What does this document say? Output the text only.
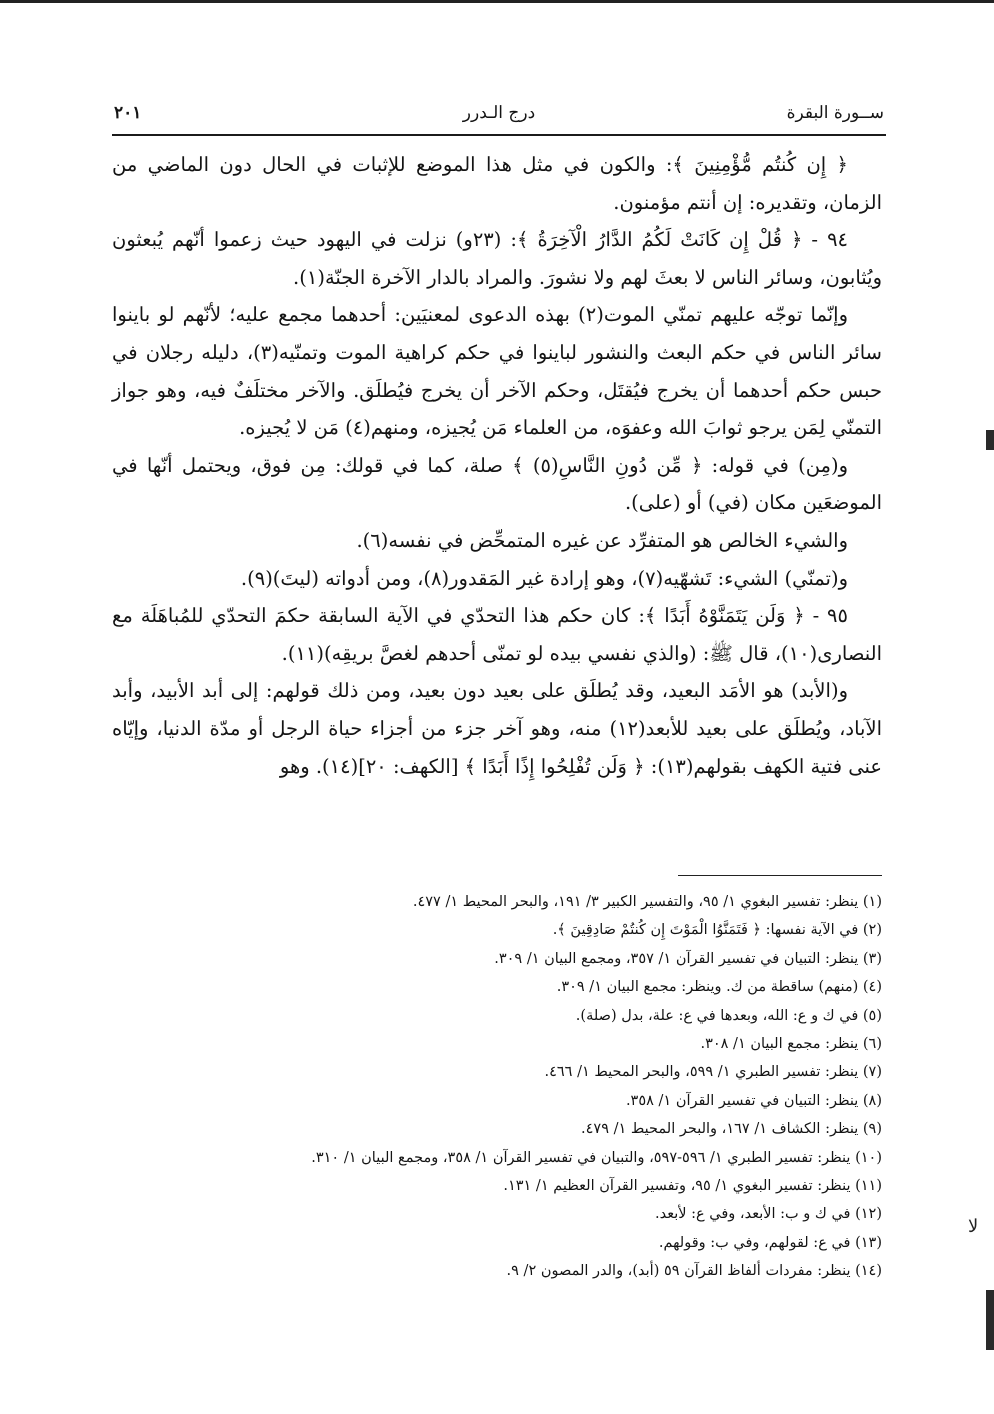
ســورة البقرة
درج الـدرر
٢٠١

﴿ إِن كُنتُم مُّؤْمِنِينَ ﴾: والكون في مثل هذا الموضع للإثبات في الحال دون الماضي من الزمان، وتقديره: إن أنتم مؤمنون.

٩٤ - ﴿ قُلْ إِن كَانَتْ لَكُمُ الدَّارُ الْآخِرَةُ ﴾: (٢٣و) نزلت في اليهود حيث زعموا أنّهم يُبعثون ويُثابون، وسائر الناس لا بعثَ لهم ولا نشورَ. والمراد بالدار الآخرة الجنّة(١).

وإنّما توجّه عليهم تمنّي الموت(٢) بهذه الدعوى لمعنيَين: أحدهما مجمع عليه؛ لأنّهم لو باينوا سائر الناس في حكم البعث والنشور لباينوا في حكم كراهية الموت وتمنّيه(٣)، دليله رجلان في حبس حكم أحدهما أن يخرج فيُقتَل، وحكم الآخر أن يخرج فيُطلَق. والآخر مختلَفٌ فيه، وهو جواز التمنّي لِمَن يرجو ثوابَ الله وعفوَه، من العلماء مَن يُجيزه، ومنهم(٤) مَن لا يُجيزه.

و(مِن) في قوله: ﴿ مِّن دُونِ النَّاسِ(٥) ﴾ صلة، كما في قولك: مِن فوق، ويحتمل أنّها في الموضعَين مكان (في) أو (على).

والشيء الخالص هو المتفرِّد عن غيره المتمحِّض في نفسه(٦).

و(تمنّي) الشيء: تَشهّيه(٧)، وهو إرادة غير المَقدور(٨)، ومن أدواته (ليتَ)(٩).

٩٥ - ﴿ وَلَن يَتَمَنَّوْهُ أَبَدًا ﴾: كان حكم هذا التحدّي في الآية السابقة حكمَ التحدّي للمُباهَلَة مع النصارى(١٠)، قال ﷺ: (والذي نفسي بيده لو تمنّى أحدهم لغصَّ بريقِه)(١١).

و(الأبد) هو الأمَد البعيد، وقد يُطلَق على بعيد دون بعيد، ومن ذلك قولهم: إلى أبد الأبيد، وأبد الآباد، ويُطلَق على بعيد للأبعد(١٢) منه، وهو آخر جزء من أجزاء حياة الرجل أو مدّة الدنيا، وإيّاه عنى فتية الكهف بقولهم(١٣): ﴿ وَلَن تُفْلِحُوا إِذًا أَبَدًا ﴾ [الكهف: ٢٠](١٤). وهو

(١) ينظر: تفسير البغوي ١/ ٩٥، والتفسير الكبير ٣/ ١٩١، والبحر المحيط ١/ ٤٧٧.
(٢) في الآية نفسها: ﴿ فَتَمَنَّوُا الْمَوْتَ إِن كُنتُمْ صَادِقِينَ ﴾.
(٣) ينظر: التبيان في تفسير القرآن ١/ ٣٥٧، ومجمع البيان ١/ ٣٠٩.
(٤) (منهم) ساقطة من ك. وينظر: مجمع البيان ١/ ٣٠٩.
(٥) في ك و ع: الله، وبعدها في ع: علة، بدل (صلة).
(٦) ينظر: مجمع البيان ١/ ٣٠٨.
(٧) ينظر: تفسير الطبري ١/ ٥٩٩، والبحر المحيط ١/ ٤٦٦.
(٨) ينظر: التبيان في تفسير القرآن ١/ ٣٥٨.
(٩) ينظر: الكشاف ١/ ١٦٧، والبحر المحيط ١/ ٤٧٩.
(١٠) ينظر: تفسير الطبري ١/ ٥٩٦-٥٩٧، والتبيان في تفسير القرآن ١/ ٣٥٨، ومجمع البيان ١/ ٣١٠.
(١١) ينظر: تفسير البغوي ١/ ٩٥، وتفسير القرآن العظيم ١/ ١٣١.
(١٢) في ك و ب: الأبعد، وفي ع: لأبعد.
(١٣) في ع: لقولهم، وفي ب: وقولهم.
(١٤) ينظر: مفردات ألفاظ القرآن ٥٩ (أبد)، والدر المصون ٢/ ٩.
ﻻ
